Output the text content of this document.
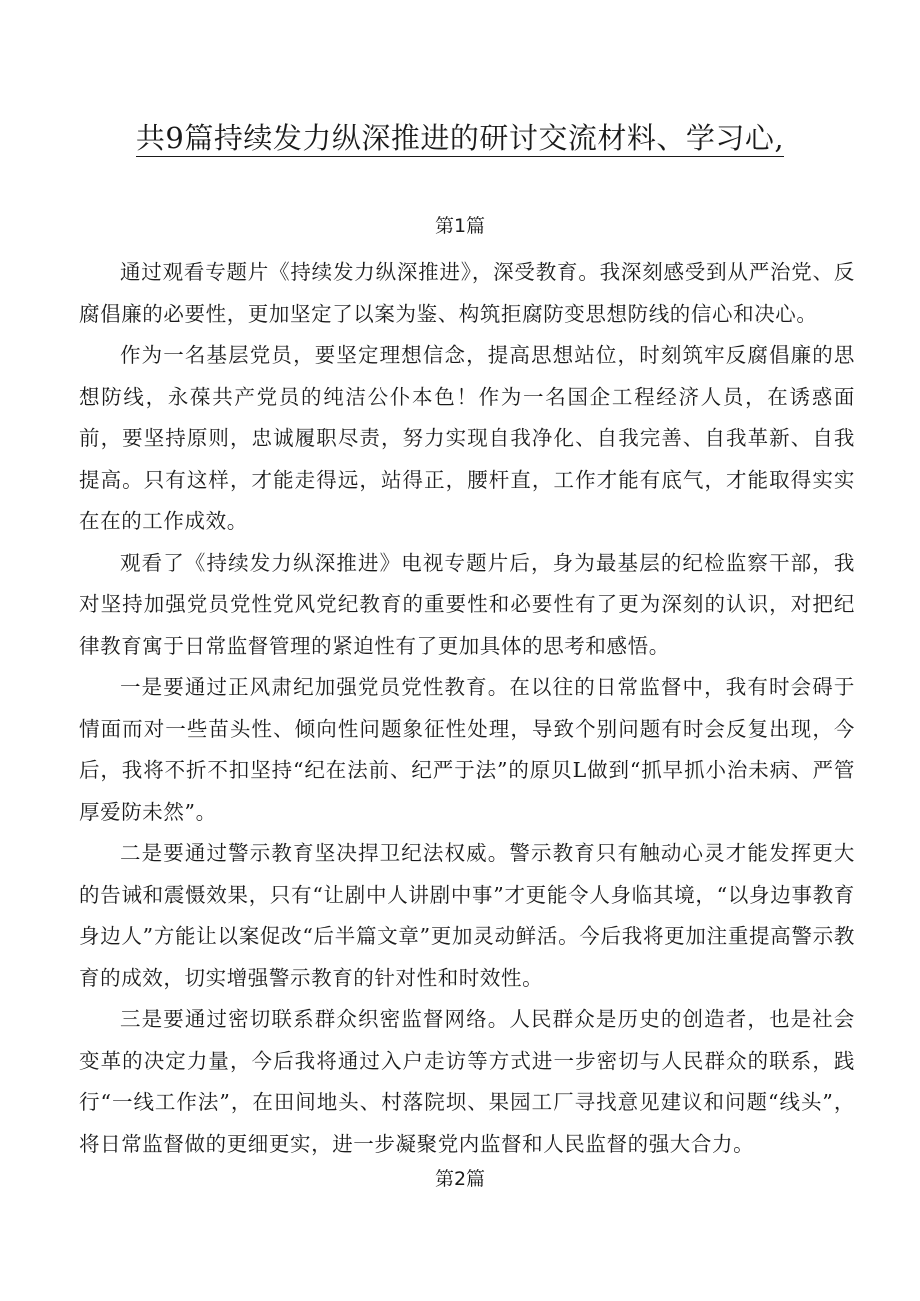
共9篇持续发力纵深推进的研讨交流材料、学习心,
第1篇

通过观看专题片《持续发力纵深推进》，深受教育。我深刻感受到从严治党、反腐倡廉的必要性，更加坚定了以案为鉴、构筑拒腐防变思想防线的信心和决心。

作为一名基层党员，要坚定理想信念，提高思想站位，时刻筑牢反腐倡廉的思想防线，永葆共产党员的纯洁公仆本色！作为一名国企工程经济人员，在诱惑面前，要坚持原则，忠诚履职尽责，努力实现自我净化、自我完善、自我革新、自我提高。只有这样，才能走得远，站得正，腰杆直，工作才能有底气，才能取得实实在在的工作成效。

观看了《持续发力纵深推进》电视专题片后，身为最基层的纪检监察干部，我对坚持加强党员党性党风党纪教育的重要性和必要性有了更为深刻的认识，对把纪律教育寓于日常监督管理的紧迫性有了更加具体的思考和感悟。

一是要通过正风肃纪加强党员党性教育。在以往的日常监督中，我有时会碍于情面而对一些苗头性、倾向性问题象征性处理，导致个别问题有时会反复出现，今后，我将不折不扣坚持“纪在法前、纪严于法”的原贝L做到“抓早抓小治未病、严管厚爱防未然”。

二是要通过警示教育坚决捍卫纪法权威。警示教育只有触动心灵才能发挥更大的告诫和震慑效果，只有“让剧中人讲剧中事”才更能令人身临其境，“以身边事教育身边人”方能让以案促改“后半篇文章”更加灵动鲜活。今后我将更加注重提高警示教育的成效，切实增强警示教育的针对性和时效性。

三是要通过密切联系群众织密监督网络。人民群众是历史的创造者，也是社会变革的决定力量，今后我将通过入户走访等方式进一步密切与人民群众的联系，践行“一线工作法”，在田间地头、村落院坝、果园工厂寻找意见建议和问题“线头”，将日常监督做的更细更实，进一步凝聚党内监督和人民监督的强大合力。

第2篇
